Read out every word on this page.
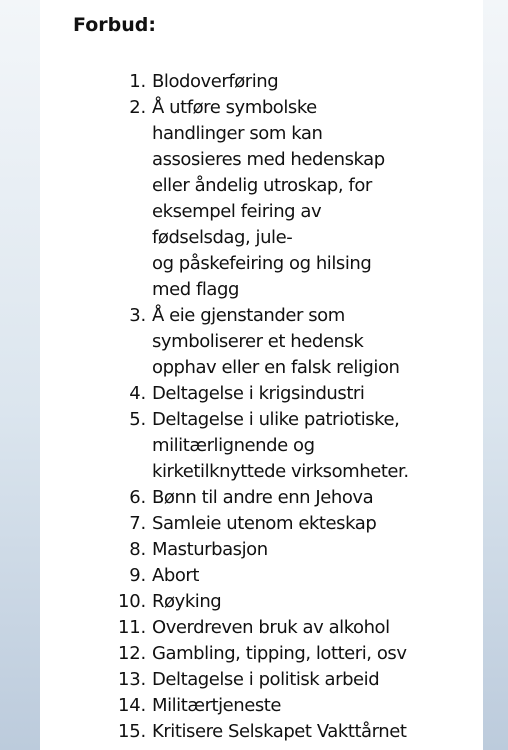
Forbud:
1. Blodoverføring
2. Å utføre symbolske
handlinger som kan
assosieres med hedenskap
eller åndelig utroskap, for
eksempel feiring av
fødselsdag, jule-
og påskefeiring og hilsing
med flagg
3. Å eie gjenstander som
symboliserer et hedensk
opphav eller en falsk religion
4. Deltagelse i krigsindustri
5. Deltagelse i ulike patriotiske,
militærlignende og
kirketilknyttede virksomheter.
6. Bønn til andre enn Jehova
7. Samleie utenom ekteskap
8. Masturbasjon
9. Abort
10. Røyking
11. Overdreven bruk av alkohol
12. Gambling, tipping, lotteri, osv
13. Deltagelse i politisk arbeid
14. Militærtjeneste
15. Kritisere Selskapet Vakttårnet
